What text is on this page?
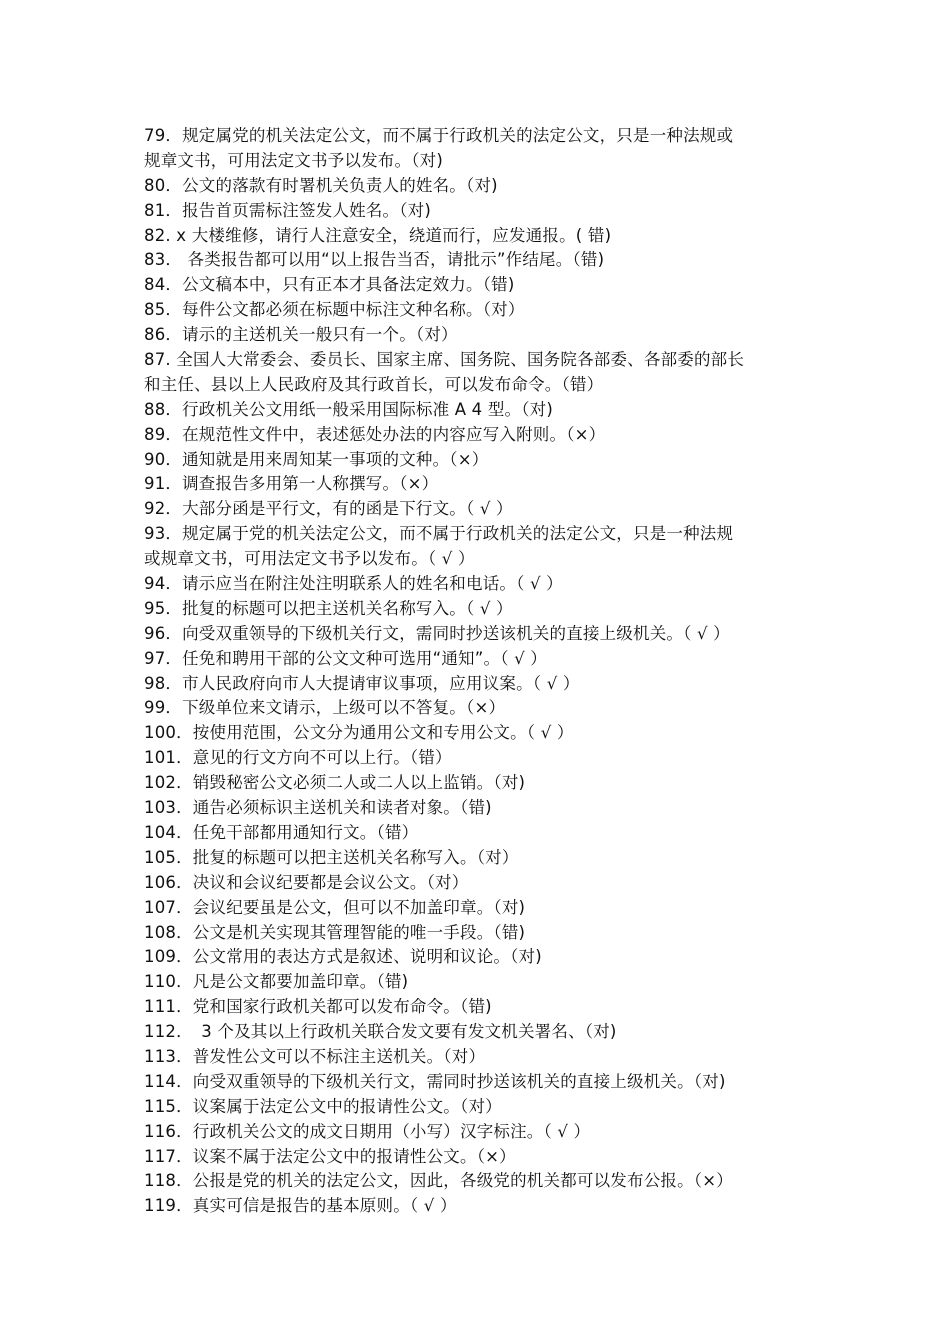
79．规定属党的机关法定公文，而不属于行政机关的法定公文，只是一种法规或
规章文书，可用法定文书予以发布。（对)
80．公文的落款有时署机关负责人的姓名。（对)
81．报告首页需标注签发人姓名。（对)
82. x 大楼维修，请行人注意安全，绕道而行，应发通报。( 错)
83． 各类报告都可以用“以上报告当否，请批示”作结尾。（错)
84．公文稿本中，只有正本才具备法定效力。（错)
85．每件公文都必须在标题中标注文种名称。（对）
86．请示的主送机关一般只有一个。（对）
87. 全国人大常委会、委员长、国家主席、国务院、国务院各部委、各部委的部长
和主任、县以上人民政府及其行政首长，可以发布命令。（错）
88．行政机关公文用纸一般采用国际标准 A 4 型。（对)
89．在规范性文件中，表述惩处办法的内容应写入附则。（×）
90．通知就是用来周知某一事项的文种。（×）
91．调查报告多用第一人称撰写。（×）
92．大部分函是平行文，有的函是下行文。（ √ ）
93．规定属于党的机关法定公文，而不属于行政机关的法定公文，只是一种法规
或规章文书，可用法定文书予以发布。（ √ ）
94．请示应当在附注处注明联系人的姓名和电话。（ √ ）
95．批复的标题可以把主送机关名称写入。（ √ ）
96．向受双重领导的下级机关行文，需同时抄送该机关的直接上级机关。（ √ ）
97．任免和聘用干部的公文文种可选用“通知”。（ √ ）
98．市人民政府向市人大提请审议事项，应用议案。（ √ ）
99．下级单位来文请示，上级可以不答复。（×）
100．按使用范围，公文分为通用公文和专用公文。（ √ ）
101．意见的行文方向不可以上行。（错）
102．销毁秘密公文必须二人或二人以上监销。（对)
103．通告必须标识主送机关和读者对象。（错)
104．任免干部都用通知行文。（错）
105．批复的标题可以把主送机关名称写入。（对）
106．决议和会议纪要都是会议公文。（对）
107．会议纪要虽是公文，但可以不加盖印章。（对)
108．公文是机关实现其管理智能的唯一手段。（错)
109．公文常用的表达方式是叙述、说明和议论。（对)
110．凡是公文都要加盖印章。（错)
111．党和国家行政机关都可以发布命令。（错)
112．　3 个及其以上行政机关联合发文要有发文机关署名、（对)
113．普发性公文可以不标注主送机关。（对）
114．向受双重领导的下级机关行文，需同时抄送该机关的直接上级机关。（对)
115．议案属于法定公文中的报请性公文。（对）
116．行政机关公文的成文日期用（小写）汉字标注。（ √ ）
117．议案不属于法定公文中的报请性公文。（×）
118．公报是党的机关的法定公文，因此，各级党的机关都可以发布公报。（×）
119．真实可信是报告的基本原则。（ √ ）
